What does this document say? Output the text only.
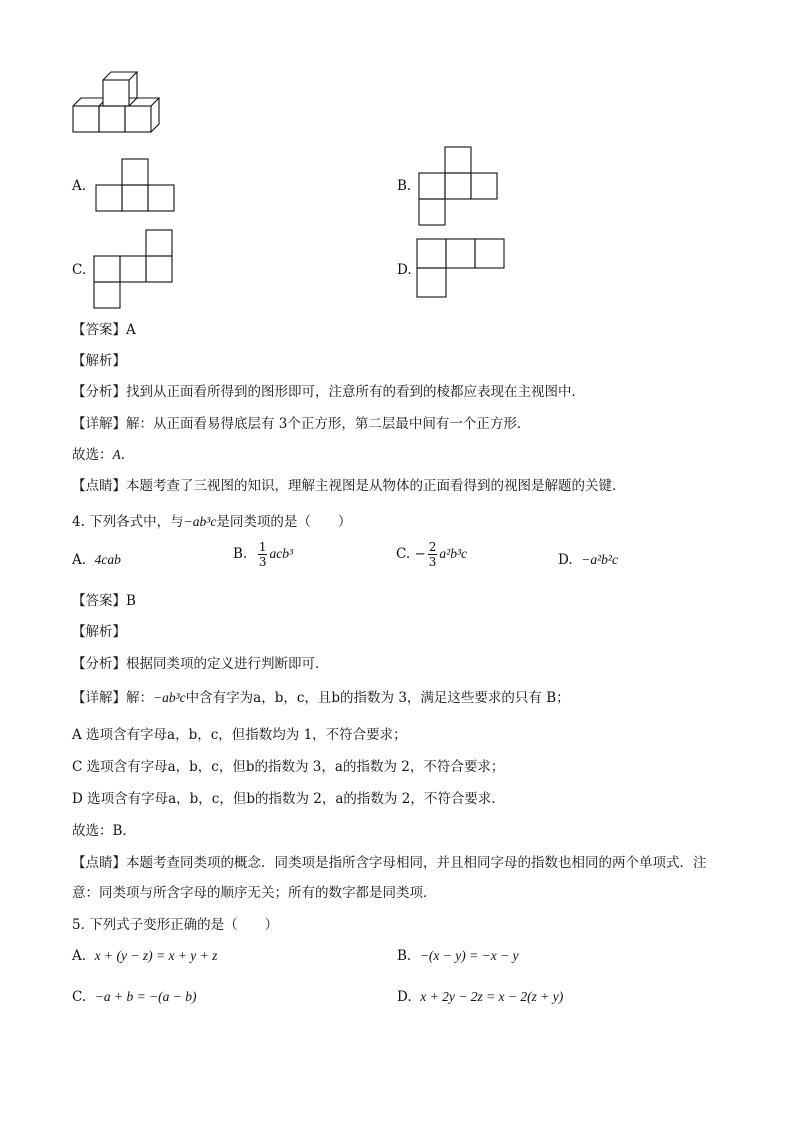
A.	B.
C.	D.
【答案】A
【解析】
【分析】找到从正面看所得到的图形即可，注意所有的看到的棱都应表现在主视图中．
【详解】解：从正面看易得底层有 3个正方形，第二层最中间有一个正方形．
故选：A．
【点睛】本题考查了三视图的知识，理解主视图是从物体的正面看得到的视图是解题的关键．
4. 下列各式中，与−ab³c是同类项的是（　　）
A. 4cab	B. $\frac{1}{3} acb^3$	C. − $\frac{2}{3} a^2b^3c$	D. −a²b²c
【答案】B
【解析】
【分析】根据同类项的定义进行判断即可．
【详解】解：−ab³c中含有字为a，b，c，且b的指数为 3，满足这些要求的只有 B；
A 选项含有字母a，b，c，但指数均为 1，不符合要求；
C 选项含有字母a，b，c，但b的指数为 3，a的指数为 2，不符合要求；
D 选项含有字母a，b，c，但b的指数为 2，a的指数为 2，不符合要求．
故选：B．
【点睛】本题考查同类项的概念．同类项是指所含字母相同，并且相同字母的指数也相同的两个单项式．注
意：同类项与所含字母的顺序无关；所有的数字都是同类项．
5. 下列式子变形正确的是（　　）
A. x + (y − z) = x + y + z	B. −(x − y) = −x − y
C. −a + b = −(a − b)	D. x + 2y − 2z = x − 2(z + y)
